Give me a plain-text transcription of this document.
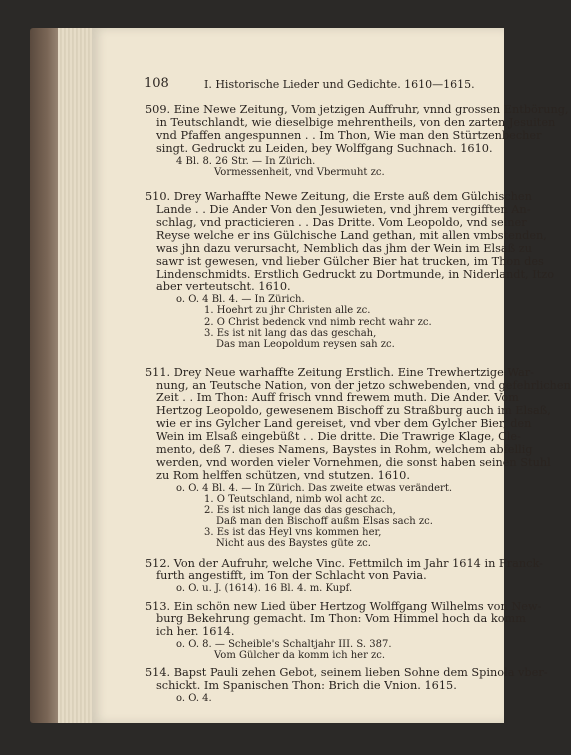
108	I. Historische Lieder und Gedichte. 1610—1615.
509. Eine Newe Zeitung, Vom jetzigen Auffruhr, vnnd grossen Entbörung,
in Teutschlandt, wie dieselbige mehrentheils, von den zarten Jesuiten
vnd Pfaffen angespunnen . . Im Thon, Wie man den Stürtzenbecher
singt. Gedruckt zu Leiden, bey Wolffgang Suchnach. 1610.
4 Bl. 8. 26 Str. — In Zürich.
Vormessenheit, vnd Vbermuht zc.
510. Drey Warhaffte Newe Zeitung, die Erste auß dem Gülchischen
Lande . . Die Ander Von den Jesuwieten, vnd jhrem vergifften An-
schlag, vnd practicieren . . Das Dritte. Vom Leopoldo, vnd seiner
Reyse welche er ins Gülchische Land gethan, mit allen vmbstenden,
was jhn dazu verursacht, Nemblich das jhm der Wein im Elsaß zu
sawr ist gewesen, vnd lieber Gülcher Bier hat trucken, im Thon des
Lindenschmidts. Erstlich Gedruckt zu Dortmunde, in Niderlandt, Itzo
aber verteutscht. 1610.
o. O. 4 Bl. 4. — In Zürich.
1. Hoehrt zu jhr Christen alle zc.
2. O Christ bedenck vnd nimb recht wahr zc.
3. Es ist nit lang das das geschah,
Das man Leopoldum reysen sah zc.
511. Drey Neue warhaffte Zeitung Erstlich. Eine Trewhertzige War-
nung, an Teutsche Nation, von der jetzo schwebenden, vnd gefehrlichen
Zeit . . Im Thon: Auff frisch vnnd frewem muth. Die Ander. Vom
Hertzog Leopoldo, gewesenem Bischoff zu Straßburg auch im Elsaß,
wie er ins Gylcher Land gereiset, vnd vber dem Gylcher Bier, den
Wein im Elsaß eingebüßt . . Die dritte. Die Trawrige Klage, Cle-
mento, deß 7. dieses Namens, Baystes in Rohm, welchem abfellig
werden, vnd worden vieler Vornehmen, die sonst haben seinen Stuhl
zu Rom helffen schützen, vnd stutzen. 1610.
o. O. 4 Bl. 4. — In Zürich. Das zweite etwas verändert.
1. O Teutschland, nimb wol acht zc.
2. Es ist nich lange das das geschach,
Daß man den Bischoff außm Elsas sach zc.
3. Es ist das Heyl vns kommen her,
Nicht aus des Baystes güte zc.
512. Von der Aufruhr, welche Vinc. Fettmilch im Jahr 1614 in Franck-
furth angestifft, im Ton der Schlacht von Pavia.
o. O. u. J. (1614). 16 Bl. 4. m. Kupf.
513. Ein schön new Lied über Hertzog Wolffgang Wilhelms von New-
burg Bekehrung gemacht. Im Thon: Vom Himmel hoch da komm
ich her. 1614.
o. O. 8. — Scheible's Schaltjahr III. S. 387.
Vom Gülcher da komm ich her zc.
514. Bapst Pauli zehen Gebot, seinem lieben Sohne dem Spinola vber-
schickt. Im Spanischen Thon: Brich die Vnion. 1615.
o. O. 4.
